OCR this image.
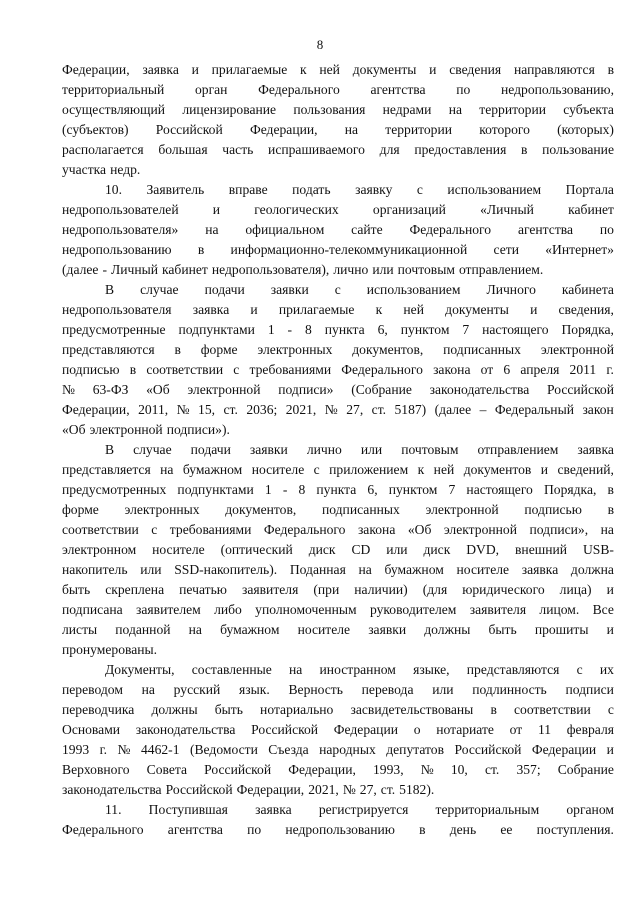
8
Федерации, заявка и прилагаемые к ней документы и сведения направляются в
территориальный орган Федерального агентства по недропользованию,
осуществляющий лицензирование пользования недрами на территории субъекта
(субъектов) Российской Федерации, на территории которого (которых)
располагается большая часть испрашиваемого для предоставления в пользование
участка недр.
10. Заявитель вправе подать заявку с использованием Портала
недропользователей	и	геологических	организаций	«Личный	кабинет
недропользователя» на официальном сайте Федерального агентства по
недропользованию в информационно-телекоммуникационной сети «Интернет»
(далее - Личный кабинет недропользователя), лично или почтовым отправлением.
В случае подачи заявки с использованием Личного кабинета
недропользователя заявка и прилагаемые к ней документы и сведения,
предусмотренные подпунктами 1 - 8 пункта 6, пунктом 7 настоящего Порядка,
представляются в форме электронных документов, подписанных электронной
подписью в соответствии с требованиями Федерального закона от 6 апреля 2011 г.
№ 63-ФЗ «Об электронной подписи» (Собрание законодательства Российской
Федерации, 2011, № 15, ст. 2036; 2021, № 27, ст. 5187) (далее – Федеральный закон
«Об электронной подписи»).
В случае подачи заявки лично или почтовым отправлением заявка
представляется на бумажном носителе с приложением к ней документов и сведений,
предусмотренных подпунктами 1 - 8 пункта 6, пунктом 7 настоящего Порядка, в
форме электронных документов, подписанных электронной подписью в
соответствии с требованиями Федерального закона «Об электронной подписи», на
электронном носителе (оптический диск CD или диск DVD, внешний USB-
накопитель или SSD-накопитель). Поданная на бумажном носителе заявка должна
быть скреплена печатью заявителя (при наличии) (для юридического лица) и
подписана заявителем либо уполномоченным руководителем заявителя лицом. Все
листы поданной на бумажном носителе заявки должны быть прошиты и
пронумерованы.
Документы, составленные на иностранном языке, представляются с их
переводом на русский язык. Верность перевода или подлинность подписи
переводчика должны быть нотариально засвидетельствованы в соответствии с
Основами законодательства Российской Федерации о нотариате от 11 февраля
1993 г. № 4462-1 (Ведомости Съезда народных депутатов Российской Федерации и
Верховного Совета Российской Федерации, 1993, № 10, ст. 357; Собрание
законодательства Российской Федерации, 2021, № 27, ст. 5182).
11. Поступившая заявка регистрируется территориальным органом
Федерального агентства по недропользованию в день ее поступления.
